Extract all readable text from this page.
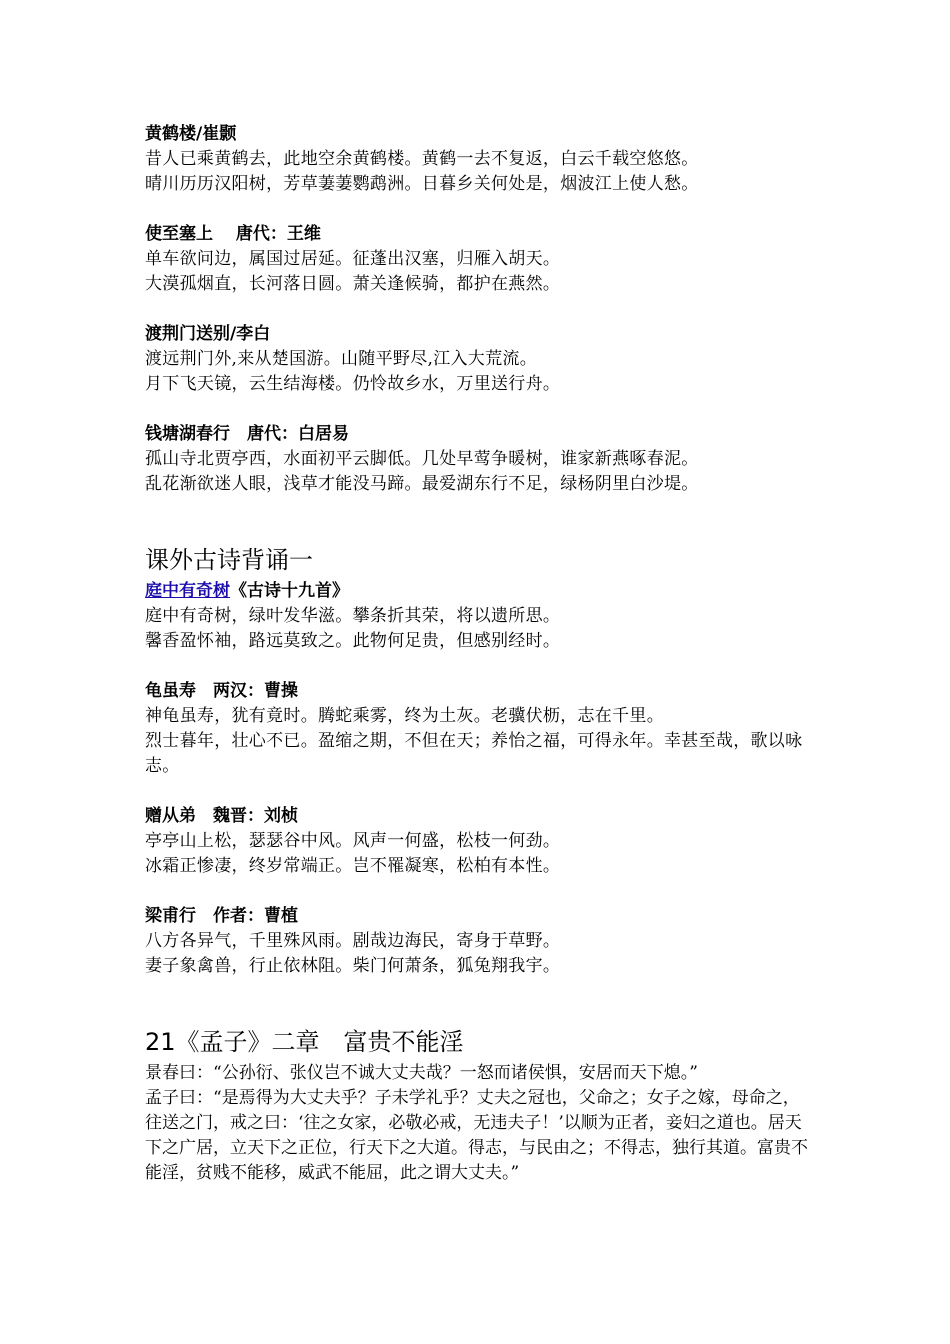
黄鹤楼/崔颢
昔人已乘黄鹤去，此地空余黄鹤楼。黄鹤一去不复返，白云千载空悠悠。
晴川历历汉阳树，芳草萋萋鹦鹉洲。日暮乡关何处是，烟波江上使人愁。
使至塞上　 唐代：王维
单车欲问边，属国过居延。征蓬出汉塞，归雁入胡天。
大漠孤烟直，长河落日圆。萧关逢候骑，都护在燕然。
渡荆门送别/李白
渡远荆门外,来从楚国游。山随平野尽,江入大荒流。
月下飞天镜，云生结海楼。仍怜故乡水，万里送行舟。
钱塘湖春行　唐代：白居易
孤山寺北贾亭西，水面初平云脚低。几处早莺争暖树，谁家新燕啄春泥。
乱花渐欲迷人眼，浅草才能没马蹄。最爱湖东行不足，绿杨阴里白沙堤。
课外古诗背诵一
庭中有奇树《古诗十九首》
庭中有奇树，绿叶发华滋。攀条折其荣，将以遗所思。
馨香盈怀袖，路远莫致之。此物何足贵，但感别经时。
龟虽寿　两汉：曹操
神龟虽寿，犹有竟时。腾蛇乘雾，终为土灰。老骥伏枥，志在千里。
烈士暮年，壮心不已。盈缩之期，不但在天；养怡之福，可得永年。幸甚至哉，歌以咏志。
赠从弟　魏晋：刘桢
亭亭山上松，瑟瑟谷中风。风声一何盛，松枝一何劲。
冰霜正惨凄，终岁常端正。岂不罹凝寒，松柏有本性。
梁甫行　作者：曹植
八方各异气，千里殊风雨。剧哉边海民，寄身于草野。
妻子象禽兽，行止依林阻。柴门何萧条，狐兔翔我宇。
21《孟子》二章　富贵不能淫
景春曰：“公孙衍、张仪岂不诚大丈夫哉？一怒而诸侯惧，安居而天下熄。”
孟子曰：“是焉得为大丈夫乎？子未学礼乎？丈夫之冠也，父命之；女子之嫁，母命之，往送之门，戒之曰：‘往之女家，必敬必戒，无违夫子！’以顺为正者，妾妇之道也。居天下之广居，立天下之正位，行天下之大道。得志，与民由之；不得志，独行其道。富贵不能淫，贫贱不能移，威武不能屈，此之谓大丈夫。”
